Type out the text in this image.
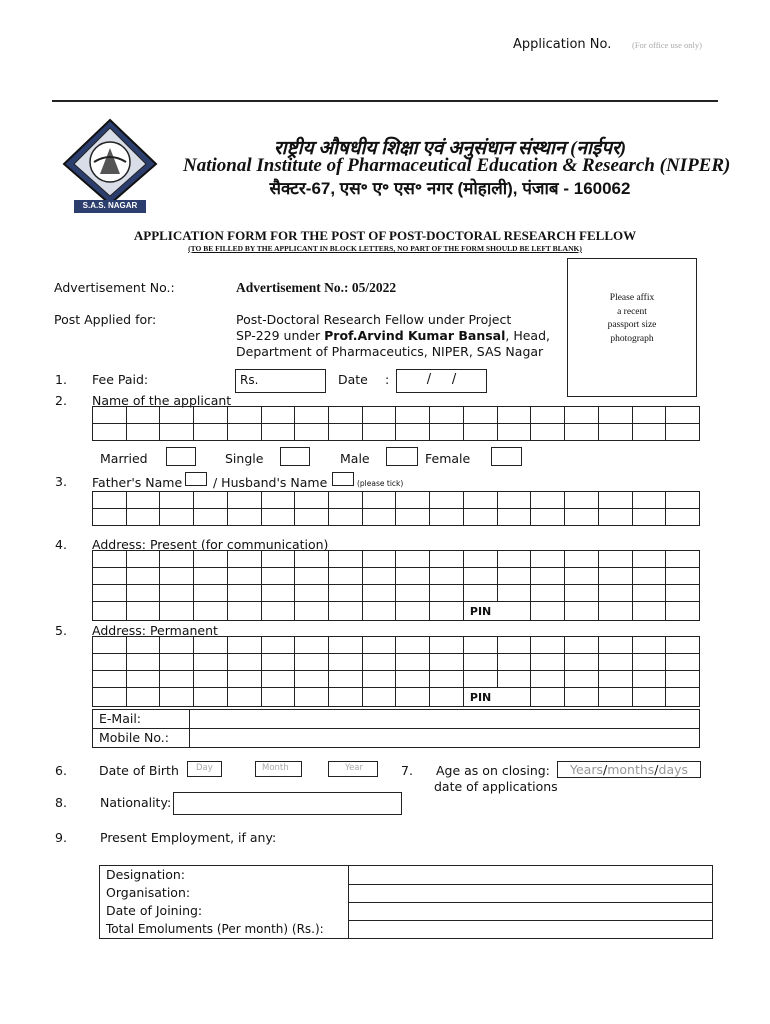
Application No. (For office use only)
S.A.S. NAGAR
राष्ट्रीय औषधीय शिक्षा एवं अनुसंधान संस्थान (नाईपर)
National Institute of Pharmaceutical Education & Research (NIPER)
सैक्टर-67, एस॰ ए॰ एस॰ नगर (मोहाली), पंजाब - 160062
APPLICATION FORM FOR THE POST OF POST-DOCTORAL RESEARCH FELLOW
(TO BE FILLED BY THE APPLICANT IN BLOCK LETTERS, NO PART OF THE FORM SHOULD BE LEFT BLANK)
Please affix
a recent
passport size
photograph
Advertisement No.:	Advertisement No.: 05/2022
Post Applied for:	Post-Doctoral Research Fellow under Project
SP-229 under Prof.Arvind Kumar Bansal, Head,
Department of Pharmaceutics, NIPER, SAS Nagar
1. Fee Paid:	Rs.	Date :	/     /
2. Name of the applicant

Married	Single	Male	Female
3. Father's Name / Husband's Name	(please tick)

4. Address: Present (for communication)

											PIN						
5. Address: Permanent

											PIN						
E-Mail:	
Mobile No.:	
6.	Date of Birth	Day	Month	Year	7. Age as on closing:
date of applications
Years/months/days
8.	Nationality:
9.	Present Employment, if any:
Designation:	
Organisation:	
Date of Joining:	
Total Emoluments (Per month) (Rs.):	
